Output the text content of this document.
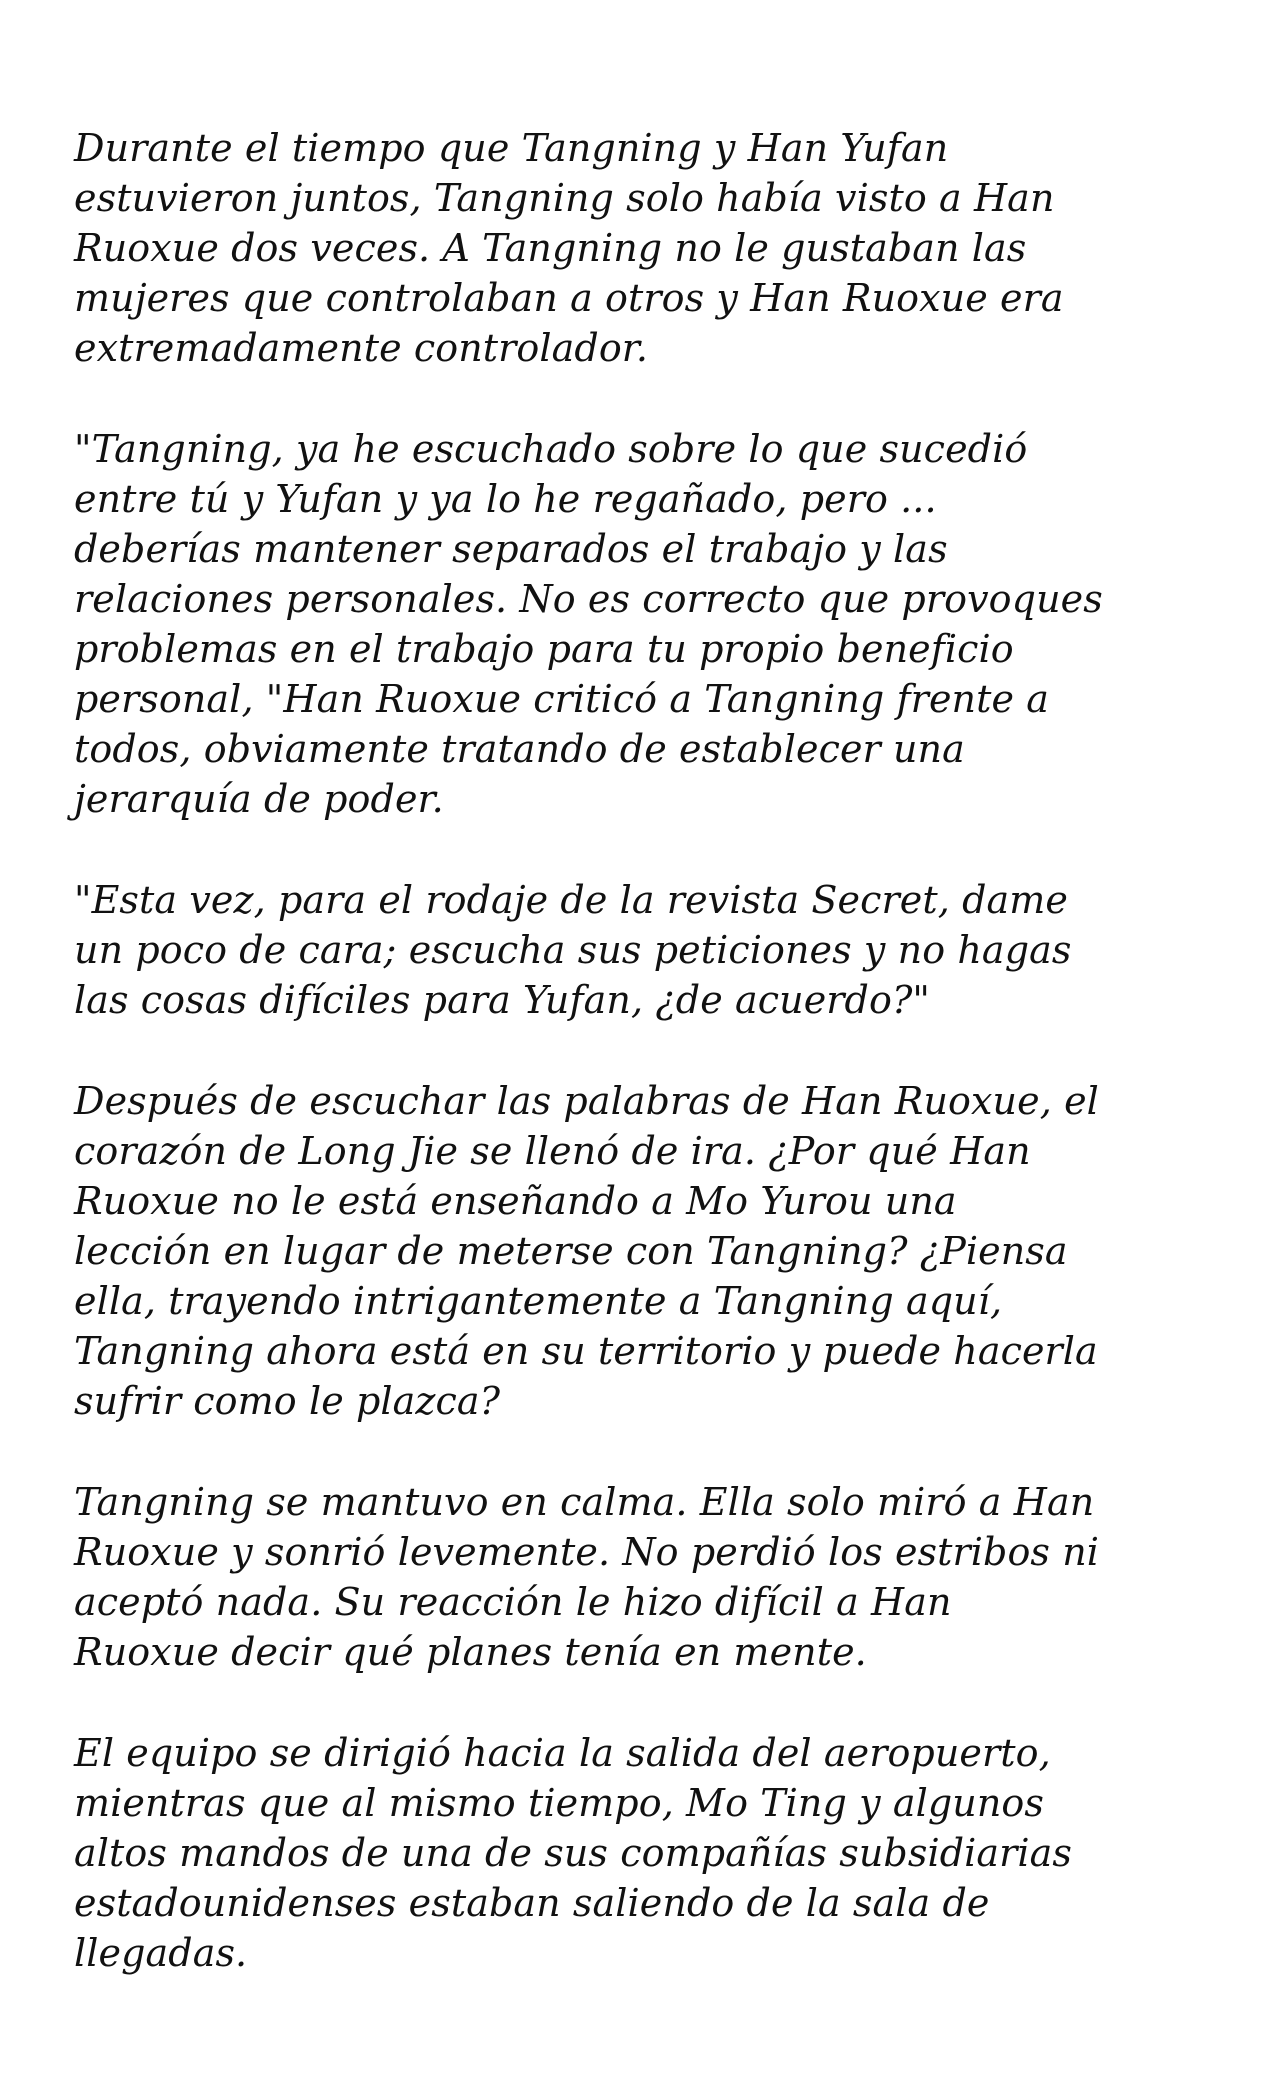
Durante el tiempo que Tangning y Han Yufan
estuvieron juntos, Tangning solo había visto a Han
Ruoxue dos veces. A Tangning no le gustaban las
mujeres que controlaban a otros y Han Ruoxue era
extremadamente controlador.

"Tangning, ya he escuchado sobre lo que sucedió
entre tú y Yufan y ya lo he regañado, pero ...
deberías mantener separados el trabajo y las
relaciones personales. No es correcto que provoques
problemas en el trabajo para tu propio beneficio
personal, "Han Ruoxue criticó a Tangning frente a
todos, obviamente tratando de establecer una
jerarquía de poder.

"Esta vez, para el rodaje de la revista Secret, dame
un poco de cara; escucha sus peticiones y no hagas
las cosas difíciles para Yufan, ¿de acuerdo?"

Después de escuchar las palabras de Han Ruoxue, el
corazón de Long Jie se llenó de ira. ¿Por qué Han
Ruoxue no le está enseñando a Mo Yurou una
lección en lugar de meterse con Tangning? ¿Piensa
ella, trayendo intrigantemente a Tangning aquí,
Tangning ahora está en su territorio y puede hacerla
sufrir como le plazca?

Tangning se mantuvo en calma. Ella solo miró a Han
Ruoxue y sonrió levemente. No perdió los estribos ni
aceptó nada. Su reacción le hizo difícil a Han
Ruoxue decir qué planes tenía en mente.

El equipo se dirigió hacia la salida del aeropuerto,
mientras que al mismo tiempo, Mo Ting y algunos
altos mandos de una de sus compañías subsidiarias
estadounidenses estaban saliendo de la sala de
llegadas.
